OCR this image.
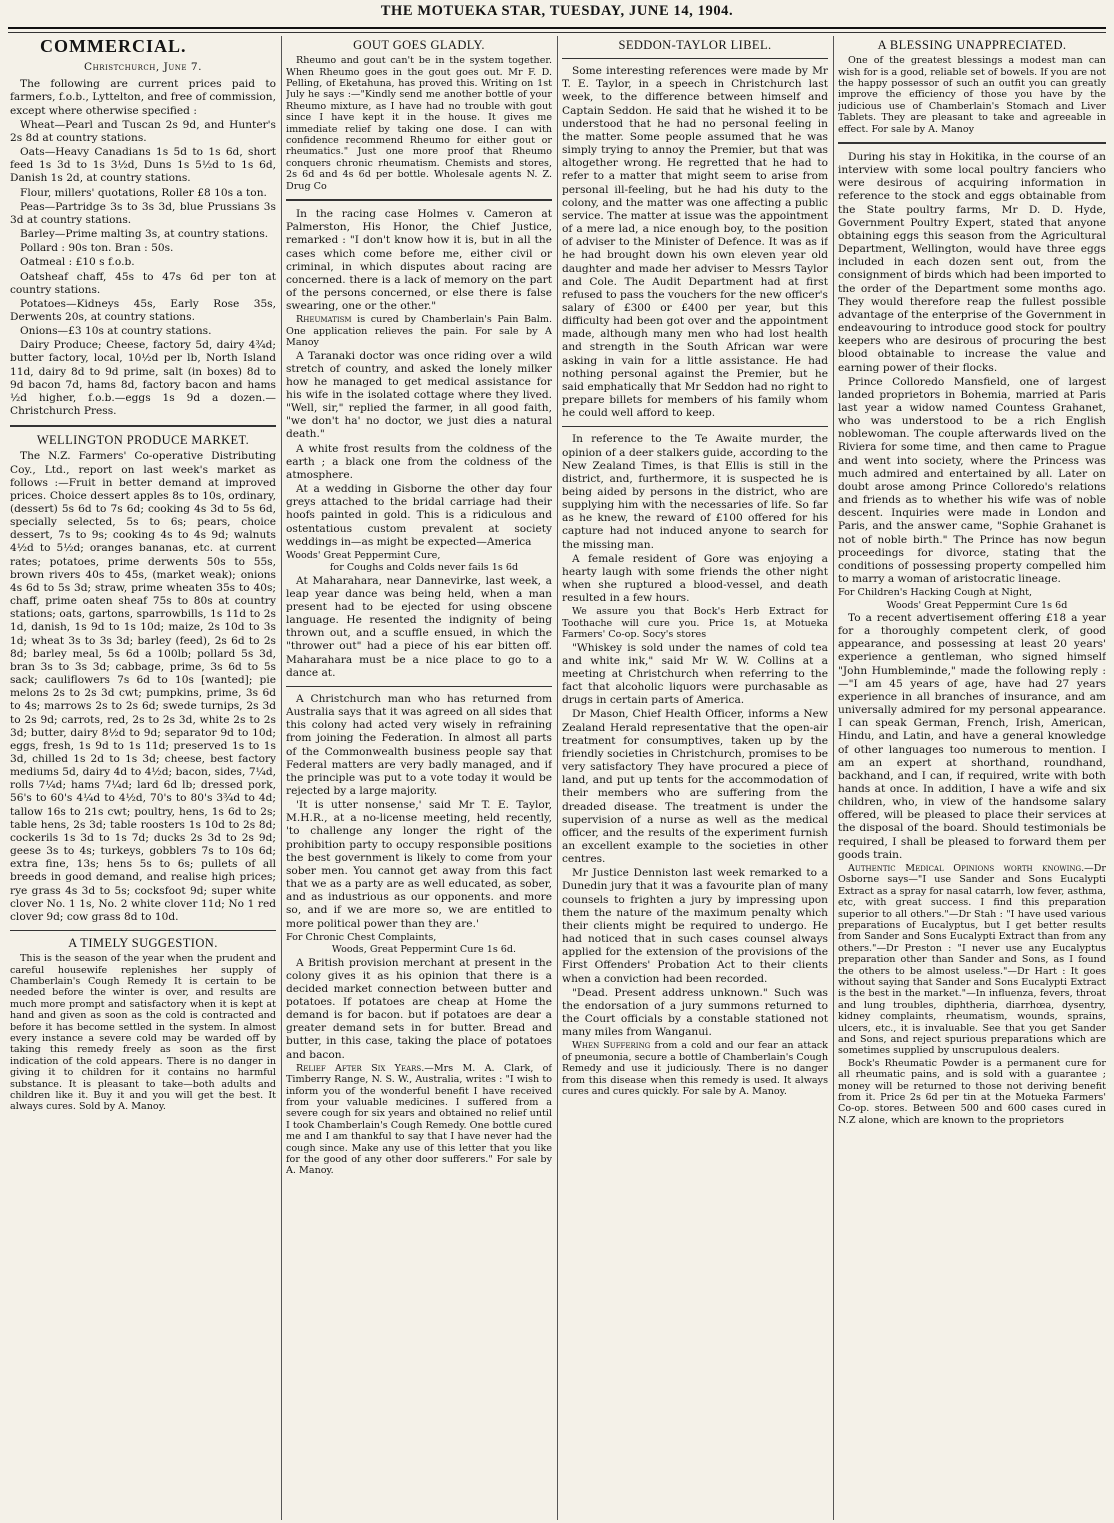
THE MOTUEKA STAR, TUESDAY, JUNE 14, 1904.
COMMERCIAL.
Christchurch, June 7.

The following are current prices paid to farmers, f.o.b., Lyttelton, and free of commission, except where otherwise specified :

Wheat—Pearl and Tuscan 2s 9d, and Hunter's 2s 8d at country stations.

Oats—Heavy Canadians 1s 5d to 1s 6d, short feed 1s 3d to 1s 3½d, Duns 1s 5½d to 1s 6d, Danish 1s 2d, at country stations.

Flour, millers' quotations, Roller £8 10s a ton.

Peas—Partridge 3s to 3s 3d, blue Prussians 3s 3d at country stations.

Barley—Prime malting 3s, at country stations.

Pollard : 90s ton. Bran : 50s.

Oatmeal : £10 s f.o.b.

Oatsheaf chaff, 45s to 47s 6d per ton at country stations.

Potatoes—Kidneys 45s, Early Rose 35s, Derwents 20s, at country stations.

Onions—£3 10s at country stations.

Dairy Produce; Cheese, factory 5d, dairy 4¾d; butter factory, local, 10½d per lb, North Island 11d, dairy 8d to 9d prime, salt (in boxes) 8d to 9d bacon 7d, hams 8d, factory bacon and hams ½d higher, f.o.b.—eggs 1s 9d a dozen.—Christchurch Press.

WELLINGTON PRODUCE MARKET.

The N.Z. Farmers' Co-operative Distributing Coy., Ltd., report on last week's market as follows :—Fruit in better demand at improved prices. Choice dessert apples 8s to 10s, ordinary, (dessert) 5s 6d to 7s 6d; cooking 4s 3d to 5s 6d, specially selected, 5s to 6s; pears, choice dessert, 7s to 9s; cooking 4s to 4s 9d; walnuts 4½d to 5½d; oranges bananas, etc. at current rates; potatoes, prime derwents 50s to 55s, brown rivers 40s to 45s, (market weak); onions 4s 6d to 5s 3d; straw, prime wheaten 35s to 40s; chaff, prime oaten sheaf 75s to 80s at country stations; oats, gartons, sparrowbills, 1s 11d to 2s 1d, danish, 1s 9d to 1s 10d; maize, 2s 10d to 3s 1d; wheat 3s to 3s 3d; barley (feed), 2s 6d to 2s 8d; barley meal, 5s 6d a 100lb; pollard 5s 3d, bran 3s to 3s 3d; cabbage, prime, 3s 6d to 5s sack; cauliflowers 7s 6d to 10s [wanted]; pie melons 2s to 2s 3d cwt; pumpkins, prime, 3s 6d to 4s; marrows 2s to 2s 6d; swede turnips, 2s 3d to 2s 9d; carrots, red, 2s to 2s 3d, white 2s to 2s 3d; butter, dairy 8½d to 9d; separator 9d to 10d; eggs, fresh, 1s 9d to 1s 11d; preserved 1s to 1s 3d, chilled 1s 2d to 1s 3d; cheese, best factory mediums 5d, dairy 4d to 4½d; bacon, sides, 7¼d, rolls 7¼d; hams 7¼d; lard 6d lb; dressed pork, 56's to 60's 4¼d to 4½d, 70's to 80's 3¾d to 4d; tallow 16s to 21s cwt; poultry, hens, 1s 6d to 2s; table hens, 2s 3d; table roosters 1s 10d to 2s 8d; cockerils 1s 3d to 1s 7d; ducks 2s 3d to 2s 9d; geese 3s to 4s; turkeys, gobblers 7s to 10s 6d; extra fine, 13s; hens 5s to 6s; pullets of all breeds in good demand, and realise high prices; rye grass 4s 3d to 5s; cocksfoot 9d; super white clover No. 1 1s, No. 2 white clover 11d; No 1 red clover 9d; cow grass 8d to 10d.

A TIMELY SUGGESTION.

This is the season of the year when the prudent and careful housewife replenishes her supply of Chamberlain's Cough Remedy It is certain to be needed before the winter is over, and results are much more prompt and satisfactory when it is kept at hand and given as soon as the cold is contracted and before it has become settled in the system. In almost every instance a severe cold may be warded off by taking this remedy freely as soon as the first indication of the cold appears. There is no danger in giving it to children for it contains no harmful substance. It is pleasant to take—both adults and children like it. Buy it and you will get the best. It always cures. Sold by A. Manoy.

GOUT GOES GLADLY.

Rheumo and gout can't be in the system together. When Rheumo goes in the gout goes out. Mr F. D. Pelling, of Eketahuna, has proved this. Writing on 1st July he says :—"Kindly send me another bottle of your Rheumo mixture, as I have had no trouble with gout since I have kept it in the house. It gives me immediate relief by taking one dose. I can with confidence recommend Rheumo for either gout or rheumatics." Just one more proof that Rheumo conquers chronic rheumatism. Chemists and stores, 2s 6d and 4s 6d per bottle. Wholesale agents N. Z. Drug Co

In the racing case Holmes v. Cameron at Palmerston, His Honor, the Chief Justice, remarked : "I don't know how it is, but in all the cases which come before me, either civil or criminal, in which disputes about racing are concerned. there is a lack of memory on the part of the persons concerned, or else there is false swearing, one or the other."

Rheumatism is cured by Chamberlain's Pain Balm. One application relieves the pain. For sale by A Manoy

A Taranaki doctor was once riding over a wild stretch of country, and asked the lonely milker how he managed to get medical assistance for his wife in the isolated cottage where they lived. "Well, sir," replied the farmer, in all good faith, "we don't ha' no doctor, we just dies a natural death."

A white frost results from the coldness of the earth ; a black one from the coldness of the atmosphere.

At a wedding in Gisborne the other day four greys attached to the bridal carriage had their hoofs painted in gold. This is a ridiculous and ostentatious custom prevalent at society weddings in—as might be expected—America

Woods' Great Peppermint Cure,

for Coughs and Colds never fails 1s 6d

At Maharahara, near Dannevirke, last week, a leap year dance was being held, when a man present had to be ejected for using obscene language. He resented the indignity of being thrown out, and a scuffle ensued, in which the "thrower out" had a piece of his ear bitten off. Maharahara must be a nice place to go to a dance at.

A Christchurch man who has returned from Australia says that it was agreed on all sides that this colony had acted very wisely in refraining from joining the Federation. In almost all parts of the Commonwealth business people say that Federal matters are very badly managed, and if the principle was put to a vote today it would be rejected by a large majority.

'It is utter nonsense,' said Mr T. E. Taylor, M.H.R., at a no-license meeting, held recently, 'to challenge any longer the right of the prohibition party to occupy responsible positions the best government is likely to come from your sober men. You cannot get away from this fact that we as a party are as well educated, as sober, and as industrious as our opponents. and more so, and if we are more so, we are entitled to more political power than they are.'

For Chronic Chest Complaints,

Woods, Great Peppermint Cure 1s 6d.

A British provision merchant at present in the colony gives it as his opinion that there is a decided market connection between butter and potatoes. If potatoes are cheap at Home the demand is for bacon. but if potatoes are dear a greater demand sets in for butter. Bread and butter, in this case, taking the place of potatoes and bacon.

Relief After Six Years.—Mrs M. A. Clark, of Timberry Range, N. S. W., Australia, writes : "I wish to inform you of the wonderful benefit I have received from your valuable medicines. I suffered from a severe cough for six years and obtained no relief until I took Chamberlain's Cough Remedy. One bottle cured me and I am thankful to say that I have never had the cough since. Make any use of this letter that you like for the good of any other door sufferers." For sale by A. Manoy.

SEDDON-TAYLOR LIBEL.

Some interesting references were made by Mr T. E. Taylor, in a speech in Christchurch last week, to the difference between himself and Captain Seddon. He said that he wished it to be understood that he had no personal feeling in the matter. Some people assumed that he was simply trying to annoy the Premier, but that was altogether wrong. He regretted that he had to refer to a matter that might seem to arise from personal ill-feeling, but he had his duty to the colony, and the matter was one affecting a public service. The matter at issue was the appointment of a mere lad, a nice enough boy, to the position of adviser to the Minister of Defence. It was as if he had brought down his own eleven year old daughter and made her adviser to Messrs Taylor and Cole. The Audit Department had at first refused to pass the vouchers for the new officer's salary of £300 or £400 per year, but this difficulty had been got over and the appointment made, although many men who had lost health and strength in the South African war were asking in vain for a little assistance. He had nothing personal against the Premier, but he said emphatically that Mr Seddon had no right to prepare billets for members of his family whom he could well afford to keep.

In reference to the Te Awaite murder, the opinion of a deer stalkers guide, according to the New Zealand Times, is that Ellis is still in the district, and, furthermore, it is suspected he is being aided by persons in the district, who are supplying him with the necessaries of life. So far as he knew, the reward of £100 offered for his capture had not induced anyone to search for the missing man.

A female resident of Gore was enjoying a hearty laugh with some friends the other night when she ruptured a blood-vessel, and death resulted in a few hours.

We assure you that Bock's Herb Extract for Toothache will cure you. Price 1s, at Motueka Farmers' Co-op. Socy's stores

"Whiskey is sold under the names of cold tea and white ink," said Mr W. W. Collins at a meeting at Christchurch when referring to the fact that alcoholic liquors were purchasable as drugs in certain parts of America.

Dr Mason, Chief Health Officer, informs a New Zealand Herald representative that the open-air treatment for consumptives, taken up by the friendly societies in Christchurch, promises to be very satisfactory They have procured a piece of land, and put up tents for the accommodation of their members who are suffering from the dreaded disease. The treatment is under the supervision of a nurse as well as the medical officer, and the results of the experiment furnish an excellent example to the societies in other centres.

Mr Justice Denniston last week remarked to a Dunedin jury that it was a favourite plan of many counsels to frighten a jury by impressing upon them the nature of the maximum penalty which their clients might be required to undergo. He had noticed that in such cases counsel always applied for the extension of the provisions of the First Offenders' Probation Act to their clients when a conviction had been recorded.

"Dead. Present address unknown." Such was the endorsation of a jury summons returned to the Court officials by a constable stationed not many miles from Wanganui.

When Suffering from a cold and our fear an attack of pneumonia, secure a bottle of Chamberlain's Cough Remedy and use it judiciously. There is no danger from this disease when this remedy is used. It always cures and cures quickly. For sale by A. Manoy.

A BLESSING UNAPPRECIATED.

One of the greatest blessings a modest man can wish for is a good, reliable set of bowels. If you are not the happy possessor of such an outfit you can greatly improve the efficiency of those you have by the judicious use of Chamberlain's Stomach and Liver Tablets. They are pleasant to take and agreeable in effect. For sale by A. Manoy

During his stay in Hokitika, in the course of an interview with some local poultry fanciers who were desirous of acquiring information in reference to the stock and eggs obtainable from the State poultry farms, Mr D. D. Hyde, Government Poultry Expert, stated that anyone obtaining eggs this season from the Agricultural Department, Wellington, would have three eggs included in each dozen sent out, from the consignment of birds which had been imported to the order of the Department some months ago. They would therefore reap the fullest possible advantage of the enterprise of the Government in endeavouring to introduce good stock for poultry keepers who are desirous of procuring the best blood obtainable to increase the value and earning power of their flocks.

Prince Colloredo Mansfield, one of largest landed proprietors in Bohemia, married at Paris last year a widow named Countess Grahanet, who was understood to be a rich English noblewoman. The couple afterwards lived on the Riviera for some time, and then came to Prague and went into society, where the Princess was much admired and entertained by all. Later on doubt arose among Prince Colloredo's relations and friends as to whether his wife was of noble descent. Inquiries were made in London and Paris, and the answer came, "Sophie Grahanet is not of noble birth." The Prince has now begun proceedings for divorce, stating that the conditions of possessing property compelled him to marry a woman of aristocratic lineage.

For Children's Hacking Cough at Night,

Woods' Great Peppermint Cure 1s 6d

To a recent advertisement offering £18 a year for a thoroughly competent clerk, of good appearance, and possessing at least 20 years' experience a gentleman, who signed himself "John Humbleminde," made the following reply :—"I am 45 years of age, have had 27 years experience in all branches of insurance, and am universally admired for my personal appearance. I can speak German, French, Irish, American, Hindu, and Latin, and have a general knowledge of other languages too numerous to mention. I am an expert at shorthand, roundhand, backhand, and I can, if required, write with both hands at once. In addition, I have a wife and six children, who, in view of the handsome salary offered, will be pleased to place their services at the disposal of the board. Should testimonials be required, I shall be pleased to forward them per goods train.

Authentic Medical Opinions worth knowing.—Dr Osborne says—"I use Sander and Sons Eucalypti Extract as a spray for nasal catarrh, low fever, asthma, etc, with great success. I find this preparation superior to all others."—Dr Stah : "I have used various preparations of Eucalyptus, but I get better results from Sander and Sons Eucalypti Extract than from any others."—Dr Preston : "I never use any Eucalyptus preparation other than Sander and Sons, as I found the others to be almost useless."—Dr Hart : It goes without saying that Sander and Sons Eucalypti Extract is the best in the market."—In influenza, fevers, throat and lung troubles, diphtheria, diarrhœa, dysentry, kidney complaints, rheumatism, wounds, sprains, ulcers, etc., it is invaluable. See that you get Sander and Sons, and reject spurious preparations which are sometimes supplied by unscrupulous dealers.

Bock's Rheumatic Powder is a permanent cure for all rheumatic pains, and is sold with a guarantee ; money will be returned to those not deriving benefit from it. Price 2s 6d per tin at the Motueka Farmers' Co-op. stores. Between 500 and 600 cases cured in N.Z alone, which are known to the proprietors
